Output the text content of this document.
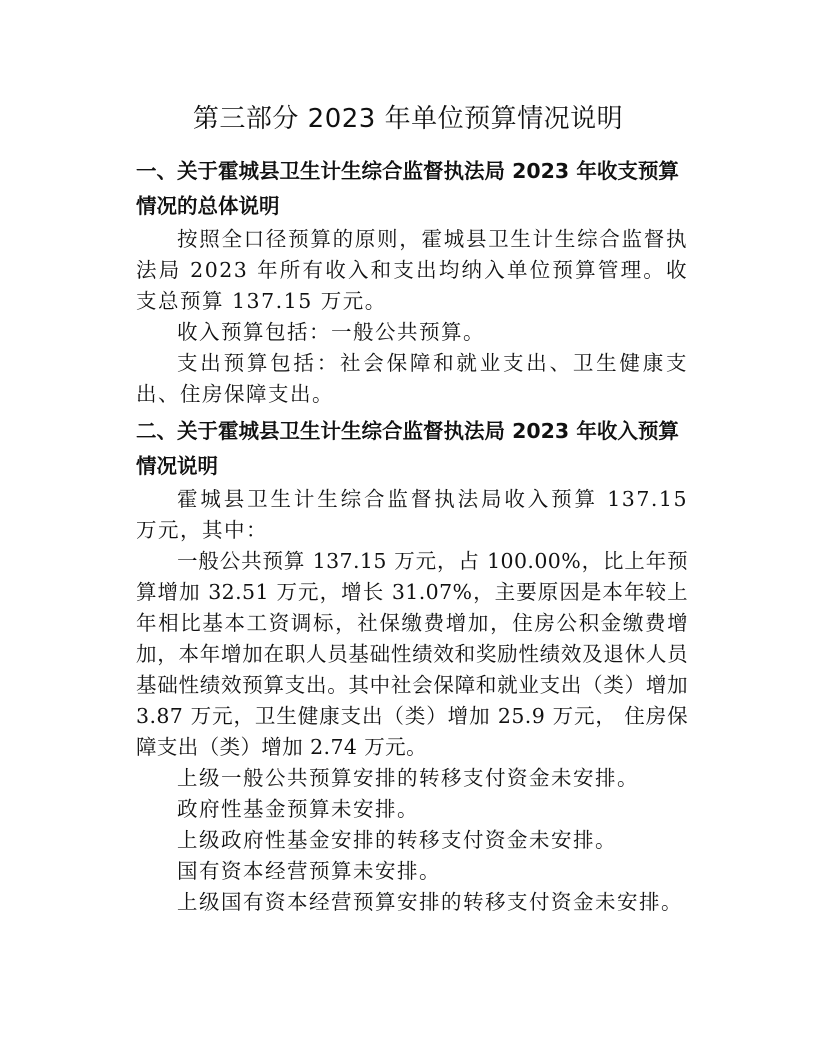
第三部分 2023 年单位预算情况说明

一、关于霍城县卫生计生综合监督执法局 2023 年收支预算情况的总体说明

按照全口径预算的原则，霍城县卫生计生综合监督执法局 2023 年所有收入和支出均纳入单位预算管理。收支总预算 137.15 万元。

收入预算包括：一般公共预算。

支出预算包括：社会保障和就业支出、卫生健康支出、住房保障支出。

二、关于霍城县卫生计生综合监督执法局 2023 年收入预算情况说明

霍城县卫生计生综合监督执法局收入预算 137.15 万元，其中：

一般公共预算 137.15 万元，占 100.00%，比上年预算增加 32.51 万元，增长 31.07%，主要原因是本年较上年相比基本工资调标，社保缴费增加，住房公积金缴费增加，本年增加在职人员基础性绩效和奖励性绩效及退休人员基础性绩效预算支出。其中社会保障和就业支出（类）增加 3.87 万元，卫生健康支出（类）增加 25.9 万元， 住房保障支出（类）增加 2.74 万元。

上级一般公共预算安排的转移支付资金未安排。

政府性基金预算未安排。

上级政府性基金安排的转移支付资金未安排。

国有资本经营预算未安排。

上级国有资本经营预算安排的转移支付资金未安排。
